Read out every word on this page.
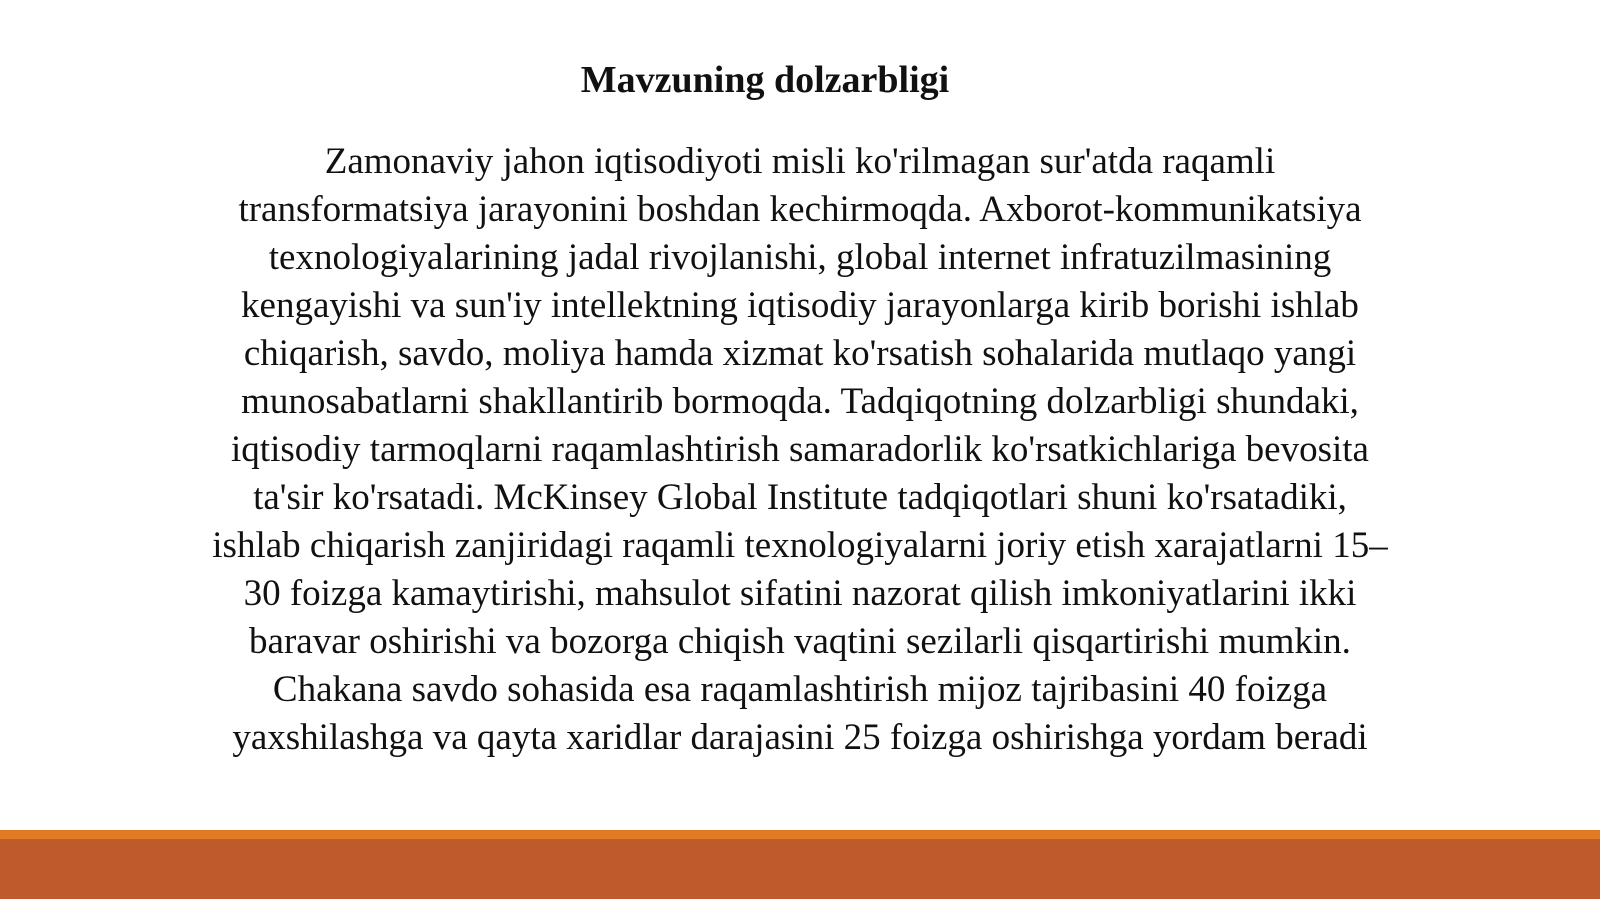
Mavzuning dolzarbligi
Zamonaviy jahon iqtisodiyoti misli ko'rilmagan sur'atda raqamli
transformatsiya jarayonini boshdan kechirmoqda. Axborot-kommunikatsiya
texnologiyalarining jadal rivojlanishi, global internet infratuzilmasining
kengayishi va sun'iy intellektning iqtisodiy jarayonlarga kirib borishi ishlab
chiqarish, savdo, moliya hamda xizmat ko'rsatish sohalarida mutlaqo yangi
munosabatlarni shakllantirib bormoqda. Tadqiqotning dolzarbligi shundaki,
iqtisodiy tarmoqlarni raqamlashtirish samaradorlik ko'rsatkichlariga bevosita
ta'sir ko'rsatadi. McKinsey Global Institute tadqiqotlari shuni ko'rsatadiki,
ishlab chiqarish zanjiridagi raqamli texnologiyalarni joriy etish xarajatlarni 15–
30 foizga kamaytirishi, mahsulot sifatini nazorat qilish imkoniyatlarini ikki
baravar oshirishi va bozorga chiqish vaqtini sezilarli qisqartirishi mumkin.
Chakana savdo sohasida esa raqamlashtirish mijoz tajribasini 40 foizga
yaxshilashga va qayta xaridlar darajasini 25 foizga oshirishga yordam beradi
